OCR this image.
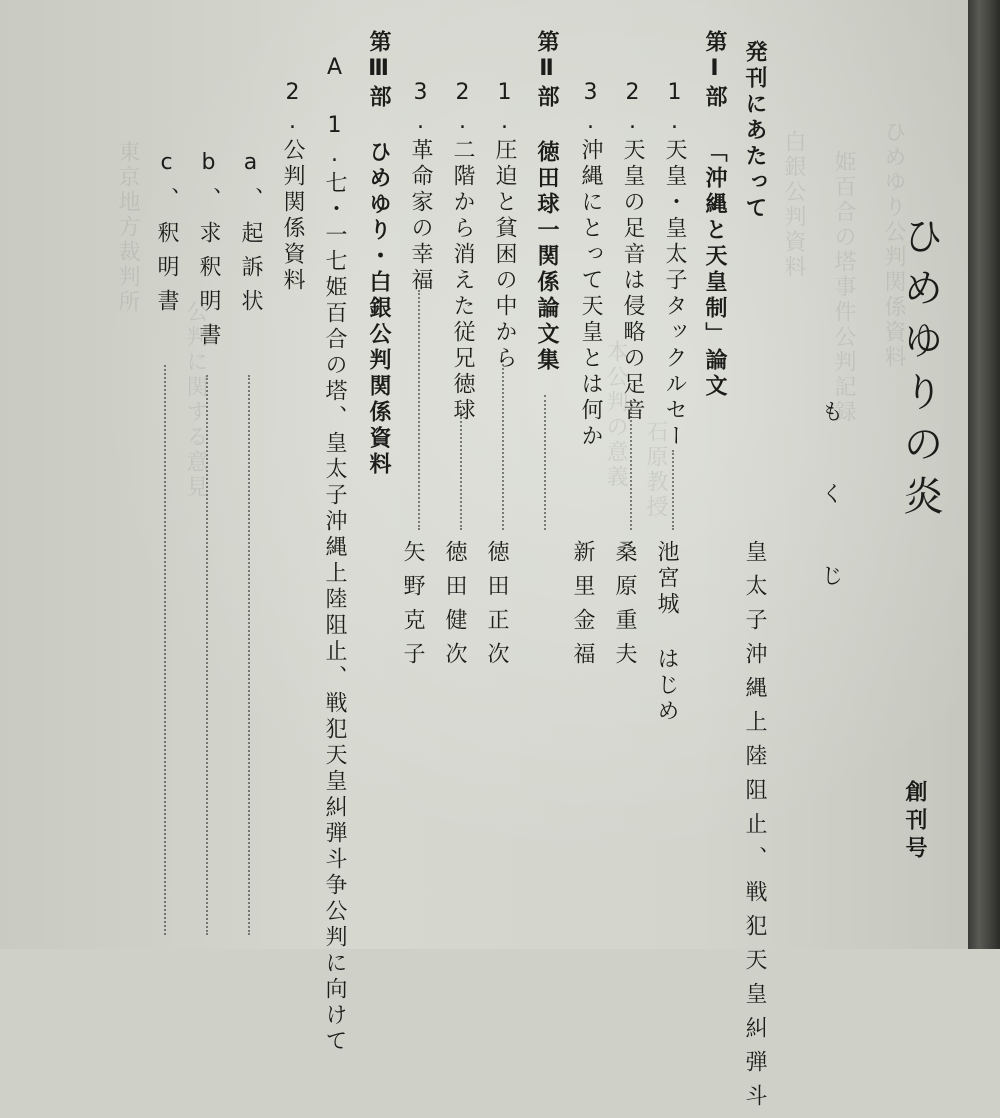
ひめゆり公判関係資料
姫百合の塔事件公判記録
白銀公判資料
石原教授
本公判の意義
公判に関する意見
東京地方裁判所	ひめゆりの炎
もくじ
創刊号
発刊にあたって
皇太子沖縄上陸阻止、戦犯天皇糾弾斗
第Ⅰ部 「沖縄と天皇制」論文
1.天皇・皇太子タックルセー
池宮城 はじめ
2.天皇の足音は侵略の足音
桑原重夫
3.沖縄にとって天皇とは何か
新里金福
第Ⅱ部 徳田球一関係論文集
1.圧迫と貧困の中から
徳田正次
2.二階から消えた従兄徳球
徳田健次
3.革命家の幸福
矢野克子
第Ⅲ部 ひめゆり・白銀公判関係資料
A 1.七・一七姫百合の塔、皇太子沖縄上陸阻止、戦犯天皇糾弾斗争公判に向けて
2.公判関係資料
a、起訴状
b、求釈明書
c、釈明書
